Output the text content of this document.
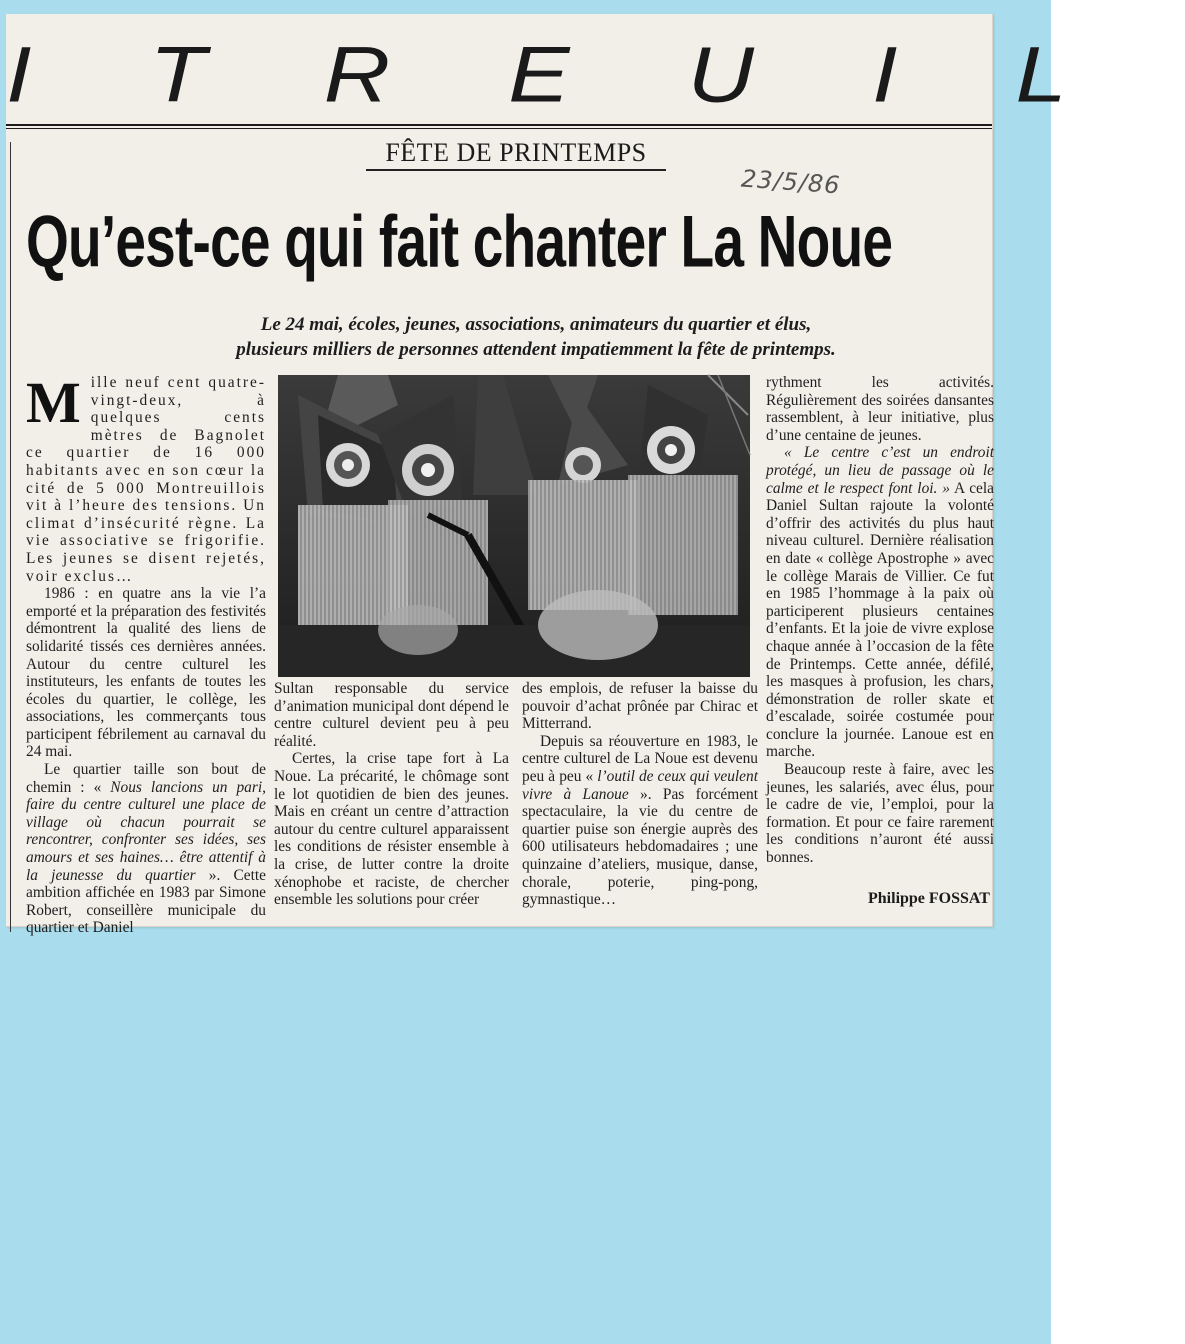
ITREUIL
FÊTE DE PRINTEMPS
23/5/86
Qu’est-ce qui fait chanter La Noue
Le 24 mai, écoles, jeunes, associations, animateurs du quartier et élus,
plusieurs milliers de personnes attendent impatiemment la fête de printemps.

Mille neuf cent quatre-vingt-deux, à quelques cents mètres de Bagnolet ce quartier de 16 000 habitants avec en son cœur la cité de 5 000 Montreuillois vit à l’heure des tensions. Un climat d’insécurité règne. La vie associative se frigorifie. Les jeunes se disent rejetés, voir exclus…

1986 : en quatre ans la vie l’a emporté et la préparation des festivités démontrent la qualité des liens de solidarité tissés ces dernières années. Autour du centre culturel les instituteurs, les enfants de toutes les écoles du quartier, le collège, les associations, les commerçants tous participent fébrilement au carnaval du 24 mai.

Le quartier taille son bout de chemin : « Nous lancions un pari, faire du centre culturel une place de village où chacun pourrait se rencontrer, confronter ses idées, ses amours et ses haines… être attentif à la jeunesse du quartier ». Cette ambition affichée en 1983 par Simone Robert, conseillère municipale du quartier et Daniel

Sultan responsable du service d’animation municipal dont dépend le centre culturel devient peu à peu réalité.

Certes, la crise tape fort à La Noue. La précarité, le chômage sont le lot quotidien de bien des jeunes. Mais en créant un centre d’attraction autour du centre culturel apparaissent les conditions de résister ensemble à la crise, de lutter contre la droite xénophobe et raciste, de chercher ensemble les solutions pour créer

des emplois, de refuser la baisse du pouvoir d’achat prônée par Chirac et Mitterrand.

Depuis sa réouverture en 1983, le centre culturel de La Noue est devenu peu à peu « l’outil de ceux qui veulent vivre à Lanoue ». Pas forcément spectaculaire, la vie du centre de quartier puise son énergie auprès des 600 utilisateurs hebdomadaires ; une quinzaine d’ateliers, musique, danse, chorale, poterie, ping-pong, gymnastique…

rythment les activités. Régulièrement des soirées dansantes rassemblent, à leur initiative, plus d’une centaine de jeunes.

« Le centre c’est un endroit protégé, un lieu de passage où le calme et le respect font loi. » A cela Daniel Sultan rajoute la volonté d’offrir des activités du plus haut niveau culturel. Dernière réalisation en date « collège Apostrophe » avec le collège Marais de Villier. Ce fut en 1985 l’hommage à la paix où participerent plusieurs centaines d’enfants. Et la joie de vivre explose chaque année à l’occasion de la fête de Printemps. Cette année, défilé, les masques à profusion, les chars, démonstration de roller skate et d’escalade, soirée costumée pour conclure la journée. Lanoue est en marche.

Beaucoup reste à faire, avec les jeunes, les salariés, avec élus, pour le cadre de vie, l’emploi, pour la formation. Et pour ce faire rarement les conditions n’auront été aussi bonnes.

Philippe FOSSAT
